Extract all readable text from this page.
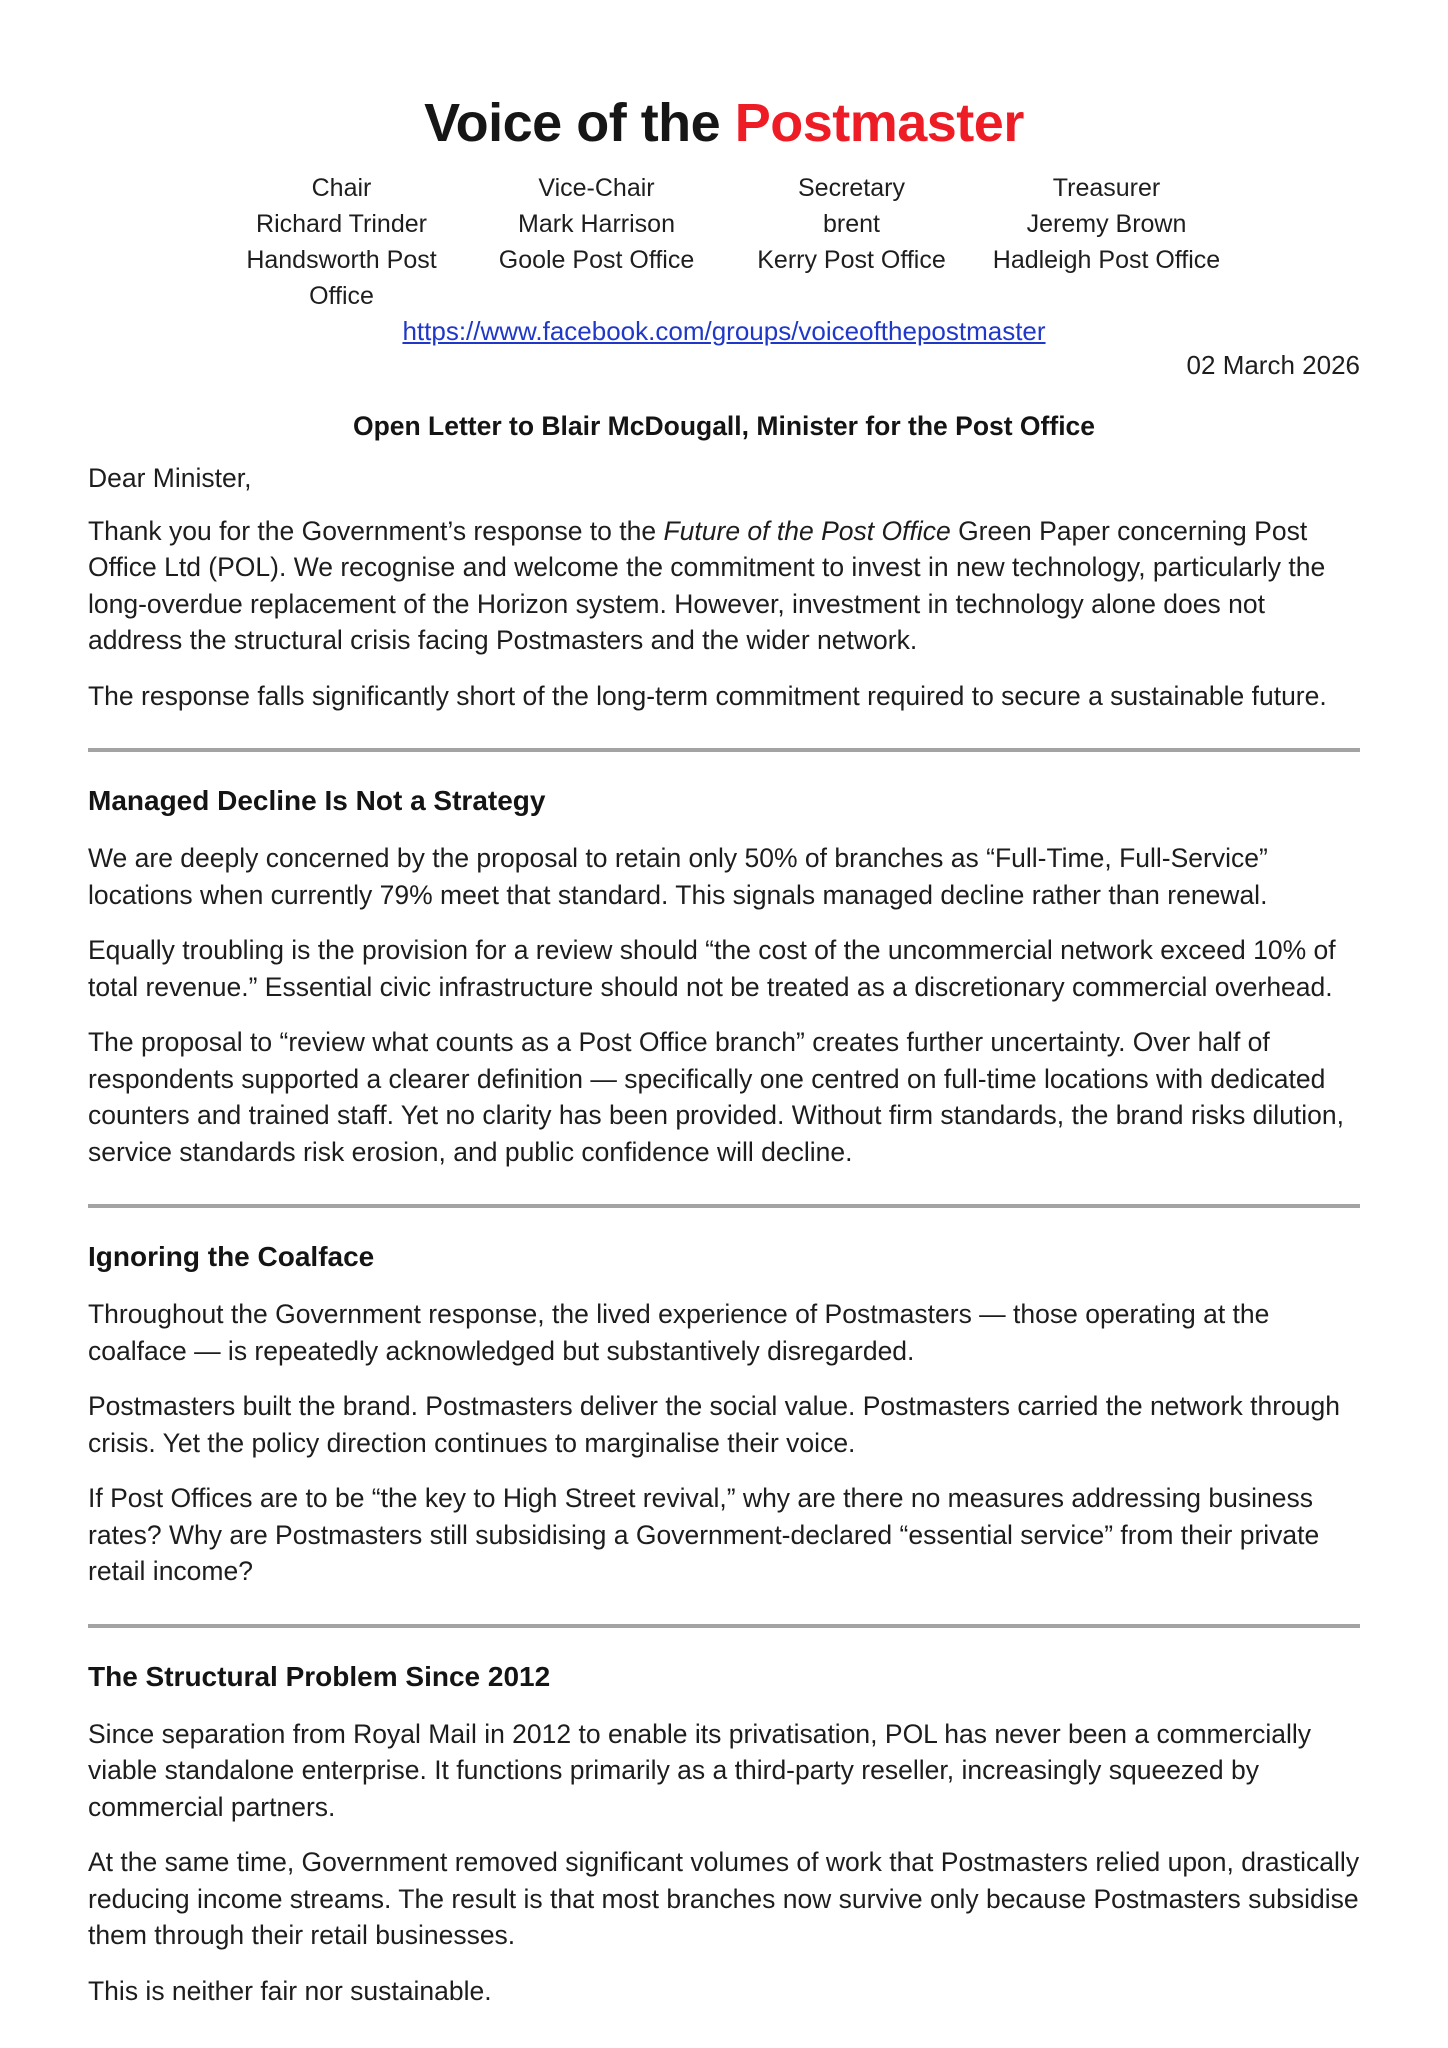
Voice of the Postmaster
Chair
Richard Trinder
Handsworth Post Office
Vice-Chair
Mark Harrison
Goole Post Office
Secretary
brent
Kerry Post Office
Treasurer
Jeremy Brown
Hadleigh Post Office
https://www.facebook.com/groups/voiceofthepostmaster
02 March 2026
Open Letter to Blair McDougall, Minister for the Post Office

Dear Minister,

Thank you for the Government’s response to the Future of the Post Office Green Paper concerning Post Office Ltd (POL). We recognise and welcome the commitment to invest in new technology, particularly the long-overdue replacement of the Horizon system. However, investment in technology alone does not address the structural crisis facing Postmasters and the wider network.

The response falls significantly short of the long-term commitment required to secure a sustainable future.

Managed Decline Is Not a Strategy

We are deeply concerned by the proposal to retain only 50% of branches as “Full-Time, Full-Service” locations when currently 79% meet that standard. This signals managed decline rather than renewal.

Equally troubling is the provision for a review should “the cost of the uncommercial network exceed 10% of total revenue.” Essential civic infrastructure should not be treated as a discretionary commercial overhead.

The proposal to “review what counts as a Post Office branch” creates further uncertainty. Over half of respondents supported a clearer definition — specifically one centred on full-time locations with dedicated counters and trained staff. Yet no clarity has been provided. Without firm standards, the brand risks dilution, service standards risk erosion, and public confidence will decline.

Ignoring the Coalface

Throughout the Government response, the lived experience of Postmasters — those operating at the coalface — is repeatedly acknowledged but substantively disregarded.

Postmasters built the brand. Postmasters deliver the social value. Postmasters carried the network through crisis. Yet the policy direction continues to marginalise their voice.

If Post Offices are to be “the key to High Street revival,” why are there no measures addressing business rates? Why are Postmasters still subsidising a Government-declared “essential service” from their private retail income?

The Structural Problem Since 2012

Since separation from Royal Mail in 2012 to enable its privatisation, POL has never been a commercially viable standalone enterprise. It functions primarily as a third-party reseller, increasingly squeezed by commercial partners.

At the same time, Government removed significant volumes of work that Postmasters relied upon, drastically reducing income streams. The result is that most branches now survive only because Postmasters subsidise them through their retail businesses.

This is neither fair nor sustainable.
